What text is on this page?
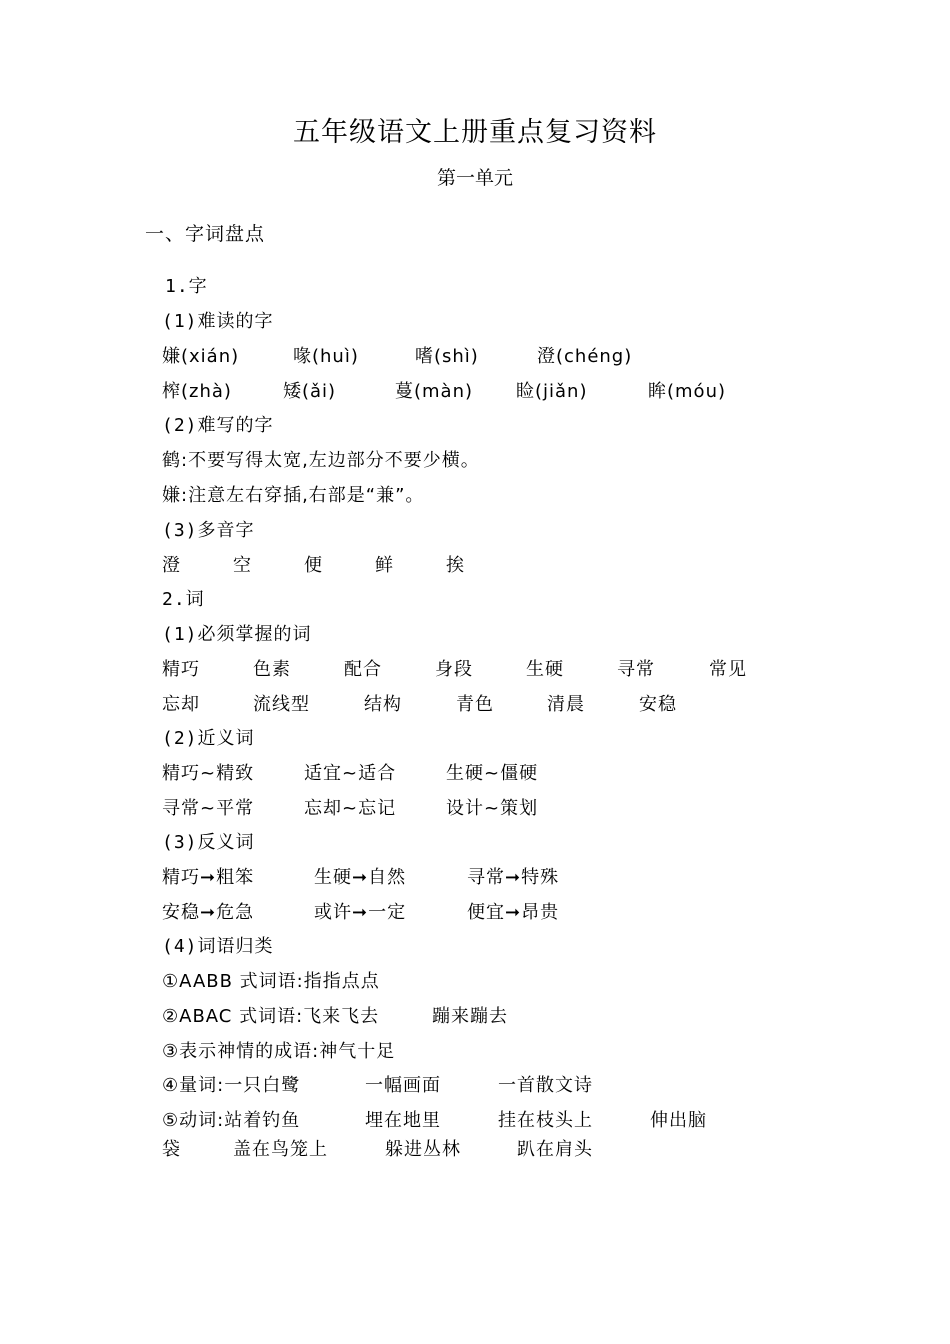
五年级语文上册重点复习资料
第一单元
一、字词盘点
1.字
(1)难读的字
嫌(xián)	喙(huì)	嗜(shì)	澄(chéng)
榨(zhà)	矮(ǎi)	蔓(màn) 睑(jiǎn)	眸(móu)
(2)难写的字
鹤:不要写得太宽,左边部分不要少横。
嫌:注意左右穿插,右部是“兼”。
(3)多音字
澄	空	便	鲜	挨
2.词
(1)必须掌握的词
精巧	色素	配合	身段	生硬	寻常	常见
忘却	流线型	结构	青色	清晨	安稳
(2)近义词
精巧~精致	适宜~适合	生硬~僵硬
寻常~平常	忘却~忘记	设计~策划
(3)反义词
精巧➞粗笨	生硬➞自然	寻常➞特殊
安稳➞危急	或许➞一定	便宜➞昂贵
(4)词语归类
①AABB 式词语:指指点点
②ABAC 式词语:飞来飞去	蹦来蹦去
③表示神情的成语:神气十足
④量词:一只白鹭	一幅画面	一首散文诗
⑤动词:站着钓鱼	埋在地里	挂在枝头上	伸出脑
袋	盖在鸟笼上	躲进丛林	趴在肩头
